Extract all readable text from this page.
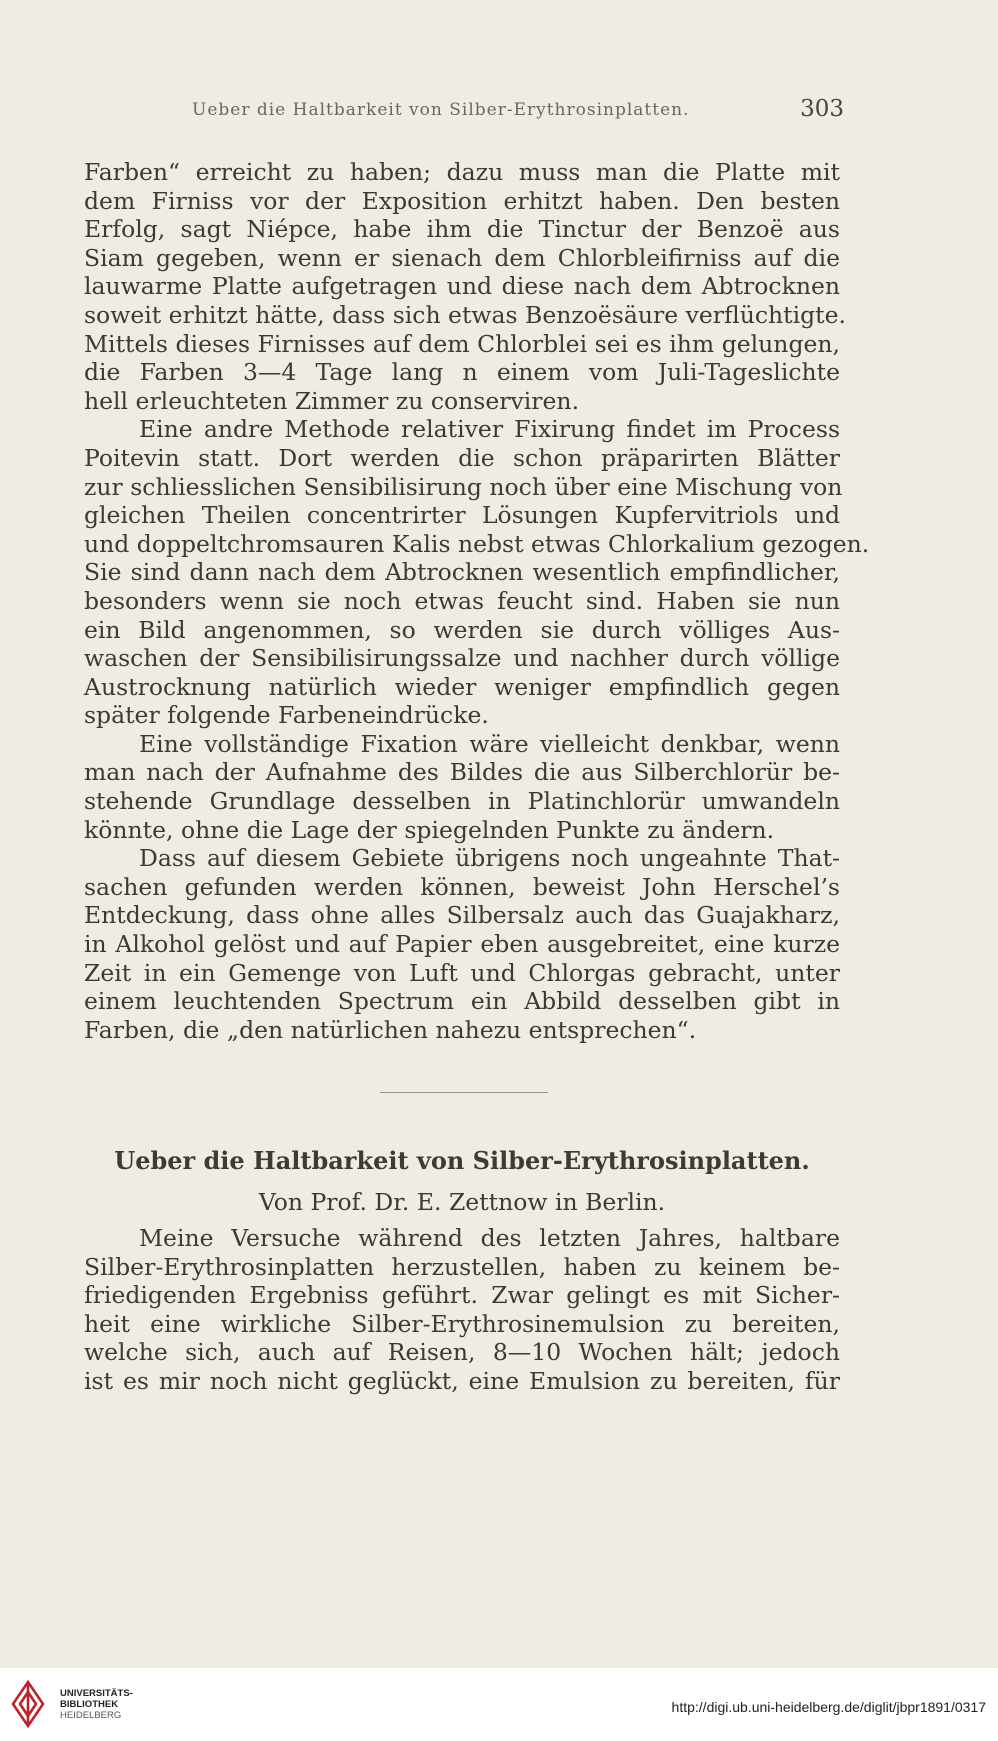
Ueber die Haltbarkeit von Silber-Erythrosinplatten.	303
Farben“ erreicht zu haben; dazu muss man die Platte mit
dem Firniss vor der Exposition erhitzt haben. Den besten
Erfolg, sagt Niépce, habe ihm die Tinctur der Benzoë aus
Siam gegeben, wenn er sienach dem Chlorbleifirniss auf die
lauwarme Platte aufgetragen und diese nach dem Abtrocknen
soweit erhitzt hätte, dass sich etwas Benzoësäure verflüchtigte.
Mittels dieses Firnisses auf dem Chlorblei sei es ihm gelungen,
die Farben 3—4 Tage lang n einem vom Juli-Tageslichte
hell erleuchteten Zimmer zu conserviren.
Eine andre Methode relativer Fixirung findet im Process
Poitevin statt. Dort werden die schon präparirten Blätter
zur schliesslichen Sensibilisirung noch über eine Mischung von
gleichen Theilen concentrirter Lösungen Kupfervitriols und
und doppeltchromsauren Kalis nebst etwas Chlorkalium gezogen.
Sie sind dann nach dem Abtrocknen wesentlich empfindlicher,
besonders wenn sie noch etwas feucht sind. Haben sie nun
ein Bild angenommen, so werden sie durch völliges Aus-
waschen der Sensibilisirungssalze und nachher durch völlige
Austrocknung natürlich wieder weniger empfindlich gegen
später folgende Farbeneindrücke.
Eine vollständige Fixation wäre vielleicht denkbar, wenn
man nach der Aufnahme des Bildes die aus Silberchlorür be-
stehende Grundlage desselben in Platinchlorür umwandeln
könnte, ohne die Lage der spiegelnden Punkte zu ändern.
Dass auf diesem Gebiete übrigens noch ungeahnte That-
sachen gefunden werden können, beweist John Herschel’s
Entdeckung, dass ohne alles Silbersalz auch das Guajakharz,
in Alkohol gelöst und auf Papier eben ausgebreitet, eine kurze
Zeit in ein Gemenge von Luft und Chlorgas gebracht, unter
einem leuchtenden Spectrum ein Abbild desselben gibt in
Farben, die „den natürlichen nahezu entsprechen“.
Ueber die Haltbarkeit von Silber-Erythrosinplatten.
Von Prof. Dr. E. Zettnow in Berlin.
Meine Versuche während des letzten Jahres, haltbare
Silber-Erythrosinplatten herzustellen, haben zu keinem be-
friedigenden Ergebniss geführt. Zwar gelingt es mit Sicher-
heit eine wirkliche Silber-Erythrosinemulsion zu bereiten,
welche sich, auch auf Reisen, 8—10 Wochen hält; jedoch
ist es mir noch nicht geglückt, eine Emulsion zu bereiten, für
UNIVERSITÄTS-
BIBLIOTHEK
HEIDELBERG
http://digi.ub.uni-heidelberg.de/diglit/jbpr1891/0317
